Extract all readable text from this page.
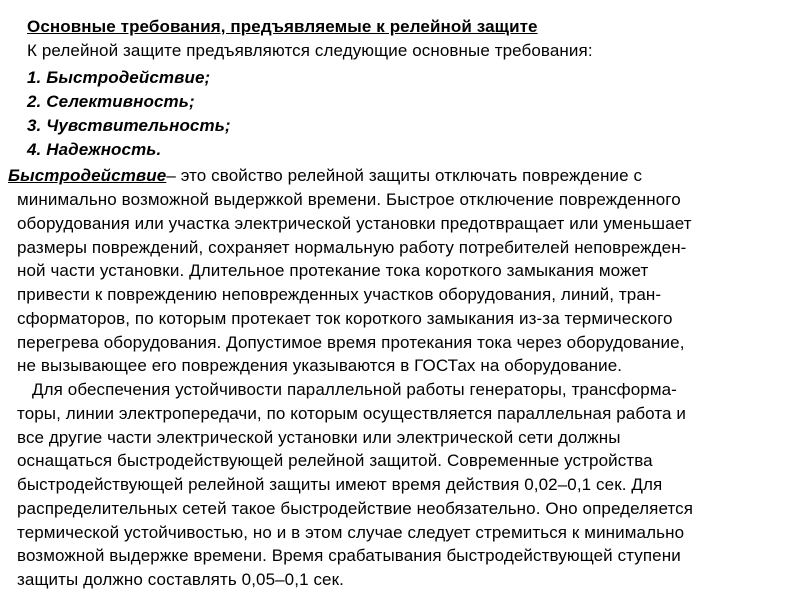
Основные требования, предъявляемые к релейной защите
К релейной защите предъявляются следующие основные требования:
1. Быстродействие;
2. Селективность;
3. Чувствительность;
4. Надежность.
Быстродействие– это свойство релейной защиты отключать повреждение с
минимально возможной выдержкой времени. Быстрое отключение поврежденного
оборудования или участка электрической установки предотвращает или уменьшает
размеры повреждений, сохраняет нормальную работу потребителей неповрежден-
ной части установки. Длительное протекание тока короткого замыкания может
привести к повреждению неповрежденных участков оборудования, линий, тран-
сформаторов, по которым протекает ток короткого замыкания из-за термического
перегрева оборудования. Допустимое время протекания тока через оборудование,
не вызывающее его повреждения указываются в ГОСТах на оборудование.
Для обеспечения устойчивости параллельной работы генераторы, трансформа-
торы, линии электропередачи, по которым осуществляется параллельная работа и
все другие части электрической установки или электрической сети должны
оснащаться быстродействующей релейной защитой. Современные устройства
быстродействующей релейной защиты имеют время действия 0,02–0,1 сек. Для
распределительных сетей такое быстродействие необязательно. Оно определяется
термической устойчивостью, но и в этом случае следует стремиться к минимально
возможной выдержке времени. Время срабатывания быстродействующей ступени
защиты должно составлять 0,05–0,1 сек.
